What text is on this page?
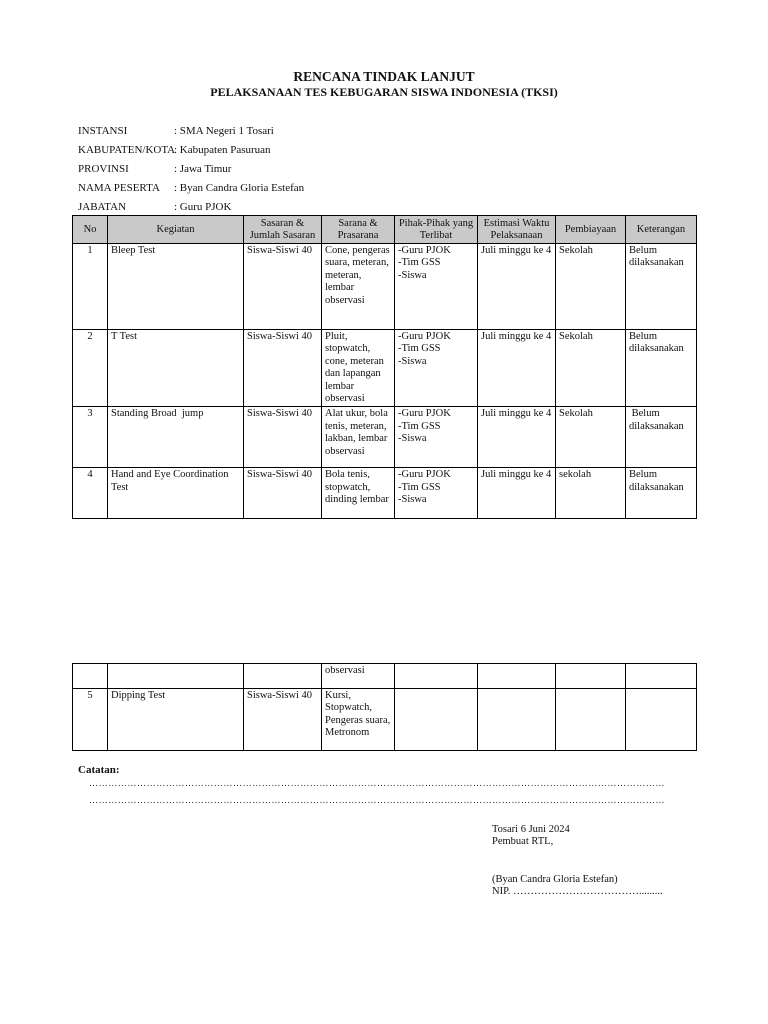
RENCANA TINDAK LANJUT
PELAKSANAAN TES KEBUGARAN SISWA INDONESIA (TKSI)
INSTANSI	: SMA Negeri 1 Tosari
KABUPATEN/KOTA
: Kabupaten Pasuruan
PROVINSI	: Jawa Timur
NAMA PESERTA	: Byan Candra Gloria Estefan
JABATAN	: Guru PJOK
No	Kegiatan	Sasaran & Jumlah Sasaran	Sarana & Prasarana	Pihak-Pihak yang Terlibat	Estimasi Waktu Pelaksanaan	Pembiayaan	Keterangan
1	Bleep Test	Siswa-Siswi 40	Cone, pengeras suara, meteran, meteran, lembar observasi	-Guru PJOK
-Tim GSS
-Siswa	Juli minggu ke 4	Sekolah	Belum dilaksanakan
2	T Test	Siswa-Siswi 40	Pluit, stopwatch, cone, meteran dan lapangan lembar observasi	-Guru PJOK
-Tim GSS
-Siswa	Juli minggu ke 4	Sekolah	Belum dilaksanakan
3	Standing Broad  jump	Siswa-Siswi 40	Alat ukur, bola tenis, meteran, lakban, lembar observasi	-Guru PJOK
-Tim GSS
-Siswa	Juli minggu ke 4	Sekolah	Belum dilaksanakan
4	Hand and Eye Coordination Test	Siswa-Siswi 40	Bola tenis, stopwatch, dinding lembar	-Guru PJOK
-Tim GSS
-Siswa	Juli minggu ke 4	sekolah	Belum dilaksanakan
			observasi				
5	Dipping Test	Siswa-Siswi 40	Kursi, Stopwatch, Pengeras suara, Metronom				
Catatan:
………………………………………………………………………………………………………………………………………………………………
………………………………………………………………………………………………………………………………………………………………
Tosari 6 Juni 2024
Pembuat RTL,
(Byan Candra Gloria Estefan)
NIP. ……………………………….........
